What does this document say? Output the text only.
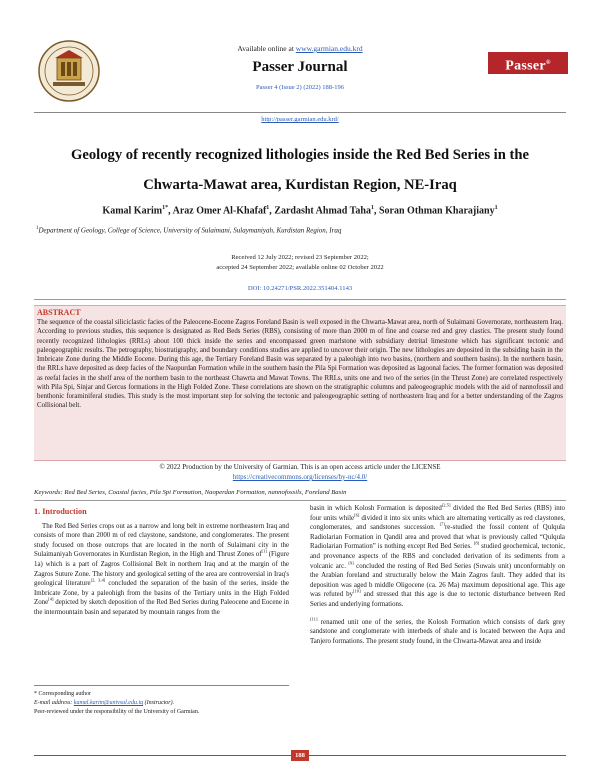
Available online at www.garmian.edu.krd
Passer Journal
Passer 4 (Issue 2) (2022) 188-196
Passer®
http://passer.garmian.edu.krd/
Geology of recently recognized lithologies inside the Red Bed Series in the Chwarta-Mawat area, Kurdistan Region, NE-Iraq
Kamal Karim$^{1*}$, Araz Omer Al-Khafaf$^1$, Zardasht Ahmad Taha$^1$, Soran Othman Kharajiany$^1$
$^1$Department of Geology, College of Science, University of Sulaimani, Sulaymaniyah, Kurdistan Region, Iraq
Received 12 July 2022; revised 23 September 2022;
accepted 24 September 2022; available online 02 October 2022
DOI: 10.24271/PSR.2022.351404.1143
ABSTRACT
The sequence of the coastal siliciclastic facies of the Paleocene-Eocene Zagros Foreland Basin is well exposed in the Chwarta-Mawat area, north of Sulaimani Governorate, northeastern Iraq. According to previous studies, this sequence is designated as Red Beds Series (RBS), consisting of more than 2000 m of fine and coarse red and grey clastics. The present study found recently recognized lithologies (RRLs) about 100 thick inside the series and encompassed green marlstone with subsidiary detrital limestone which has significant tectonic and paleogeographic results. The petrography, biostratigraphy, and boundary conditions studies are applied to uncover their origin. The new lithologies are deposited in the subsiding basin in the Imbricate Zone during the Middle Eocene. During this age, the Tertiary Foreland Basin was separated by a paleohigh into two basins, (northern and southern basins). In the northern basin, the RRLs have deposited as deep facies of the Naopurdan Formation while in the southern basin the Pila Spi Formation was deposited as lagoonal facies. The former formation was deposited as reefal facies in the shelf area of the northern basin to the northeast Chawrta and Mawat Towns. The RRLs, units one and two of the series (in the Thrust Zone) are correlated respectively with Pila Spi, Sinjar and Gercus formations in the High Folded Zone. These correlations are shown on the stratigraphic columns and paleogeographic models with the aid of nannofossil and benthonic foraminiferal studies. This study is the most important step for solving the tectonic and paleogeographic setting of northeastern Iraq and for a better understanding of the Zagros Collisional belt.
© 2022 Production by the University of Garmian. This is an open access article under the LICENSE
https://creativecommons.org/licenses/by-nc/4.0/
Keywords: Red Bed Series, Coastal facies, Pila Spi Formation, Naoperdan Formation, nannofossils, Foreland Basin
1. Introduction
The Red Bed Series crops out as a narrow and long belt in extreme northeastern Iraq and consists of more than 2000 m of red claystone, sandstone, and conglomerates. The present study focused on those outcrops that are located in the north of Sulaimani city in the Sulaimaniyah Governorates in Kurdistan Region, in the High and Thrust Zones of[1] (Figure 1a) which is a part of Zagros Collisional Belt in northern Iraq and at the margin of the Zagros Suture Zone. The history and geological setting of the area are controversial in Iraq's geological literature[2, 3,4] concluded the separation of the basin of the series, inside the Imbricate Zone, by a paleohigh from the basins of the Tertiary units in the High Folded Zone[4] depicted by sketch deposition of the Red Bed Series during Paleocene and Eocene in the intermountain basin and separated by mountain ranges from the
basin in which Kolosh Formation is deposited[2,5] divided the Red Bed Series (RBS) into four units while[6] divided it into six units which are alternating vertically as red claystones, conglomerates, and sandstones succession. [7]re-studied the fossil content of Qulqula Radiolarian Formation in Qandil area and proved that what is previously called “Qulqula Radiolarian Formation” is nothing except Red Bed Series. [8] studied geochemical, tectonic, and provenance aspects of the RBS and concluded derivation of its sediments from a volcanic arc. [9] concluded the resting of Red Bed Series (Suwais unit) unconformably on the Arabian foreland and structurally below the Main Zagros fault. They added that its deposition was aged b middle Oligocene (ca. 26 Ma) maximum depositional age. This age was refuted by[10] and stressed that this age is due to tectonic disturbance between Red Series and underlying formations.
[11] renamed unit one of the series, the Kolosh Formation which consists of dark grey sandstone and conglomerate with interbeds of shale and is located between the Aqra and Tanjero formations. The present study found, in the Chwarta-Mawat area and inside
* Corresponding author
E-mail address: kamal.karim@univsul.edu.iq (Instructor).
Peer-reviewed under the responsibility of the University of Garmian.
188
